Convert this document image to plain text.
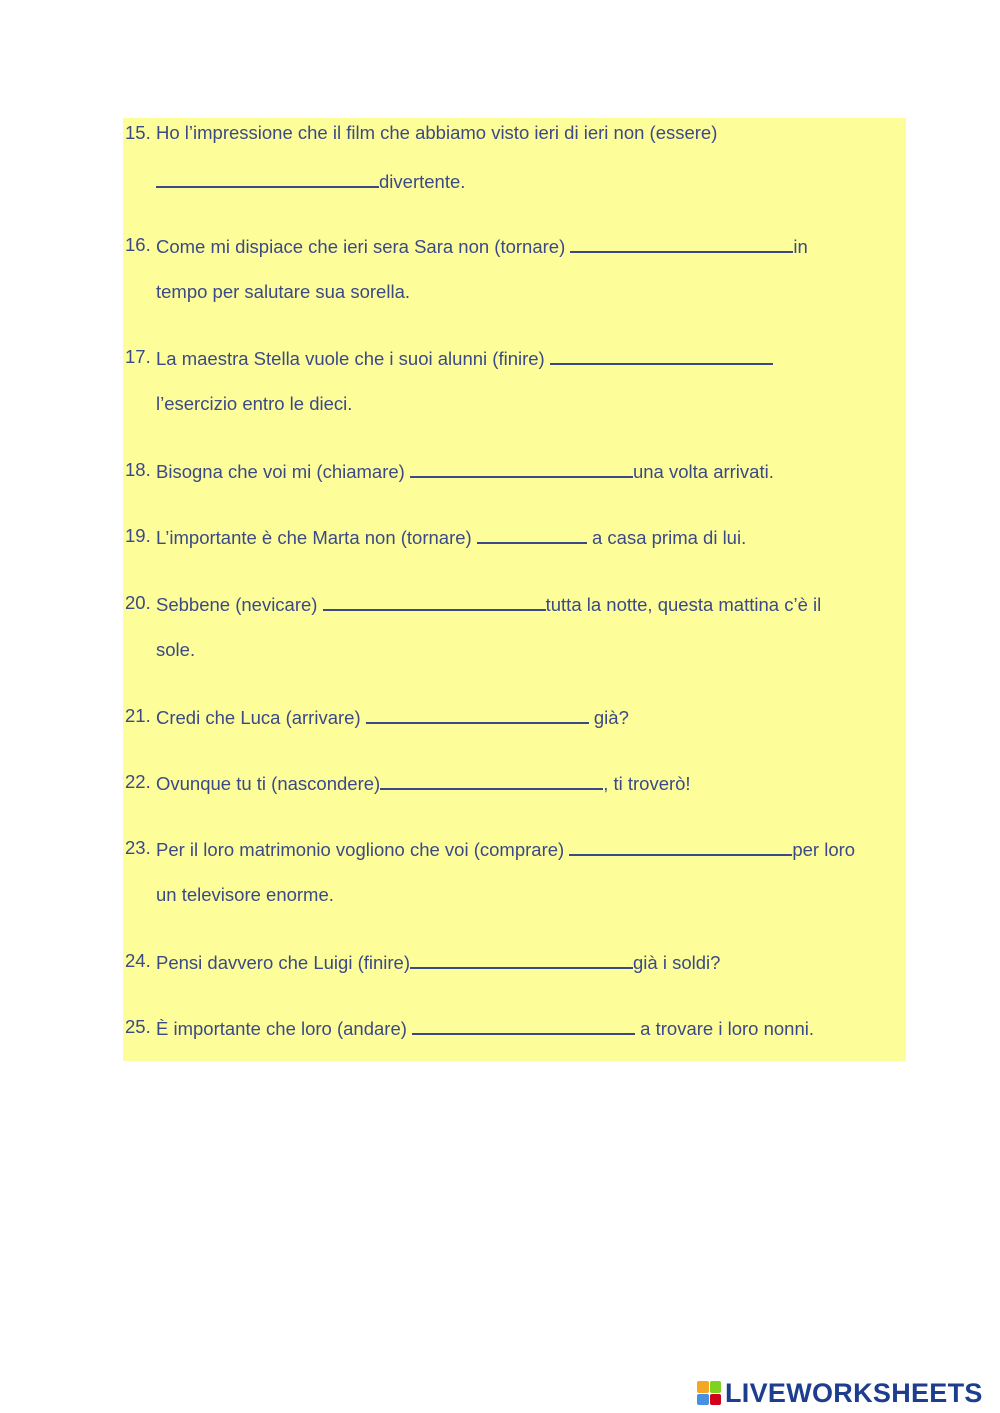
15. Ho l’impressione che il film che abbiamo visto ieri di ieri non (essere)
divertente.
16. Come mi dispiace che ieri sera Sara non (tornare)	in
tempo per salutare sua sorella.
17. La maestra Stella vuole che i suoi alunni (finire)
l’esercizio entro le dieci.
18. Bisogna che voi mi (chiamare)	una volta arrivati.
19. L’importante è che Marta non (tornare)	a casa prima di lui.
20. Sebbene (nevicare)	tutta la notte, questa mattina c’è il
sole.
21. Credi che Luca (arrivare)	già?
22. Ovunque tu ti (nascondere)	, ti troverò!
23. Per il loro matrimonio vogliono che voi (comprare)	per loro
un televisore enorme.
24. Pensi davvero che Luigi (finire)	già i soldi?
25. È importante che loro (andare)	a trovare i loro nonni.
LIVEWORKSHEETS
